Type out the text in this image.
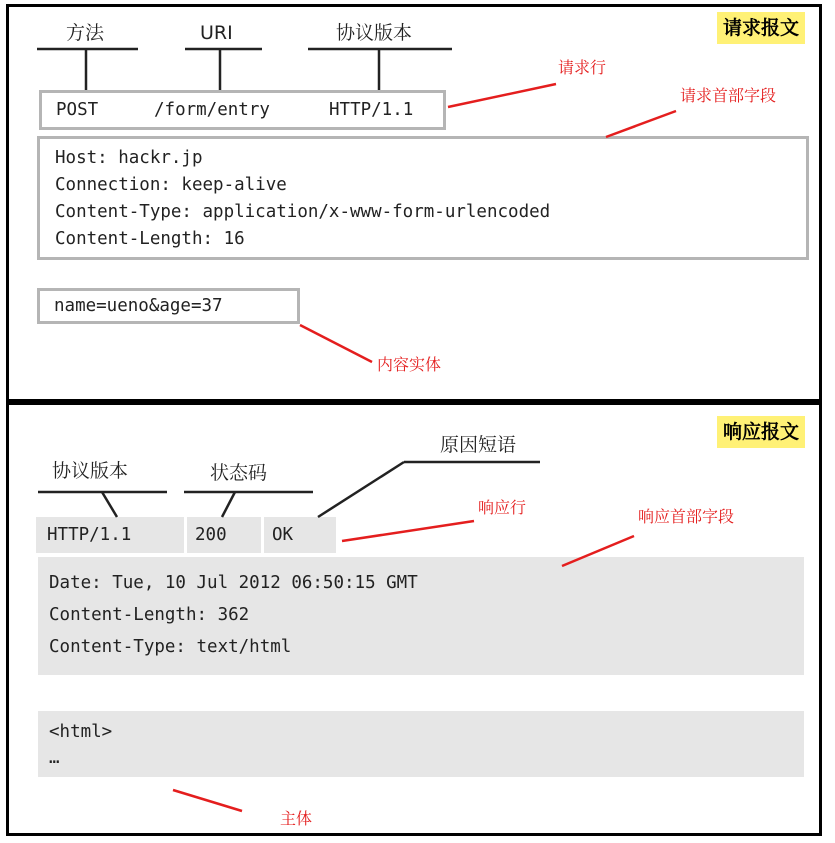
请求报文
方法	URI	协议版本
POST	/form/entry	HTTP/1.1
请求行
请求首部字段
Host: hackr.jp
Connection: keep-alive
Content-Type: application/x-www-form-urlencoded
Content-Length: 16
name=ueno&age=37
内容实体
响应报文
协议版本	状态码
原因短语
HTTP/1.1	200	OK
响应行	响应首部字段
Date: Tue, 10 Jul 2012 06:50:15 GMT
Content-Length: 362
Content-Type: text/html
<html>
…
主体
